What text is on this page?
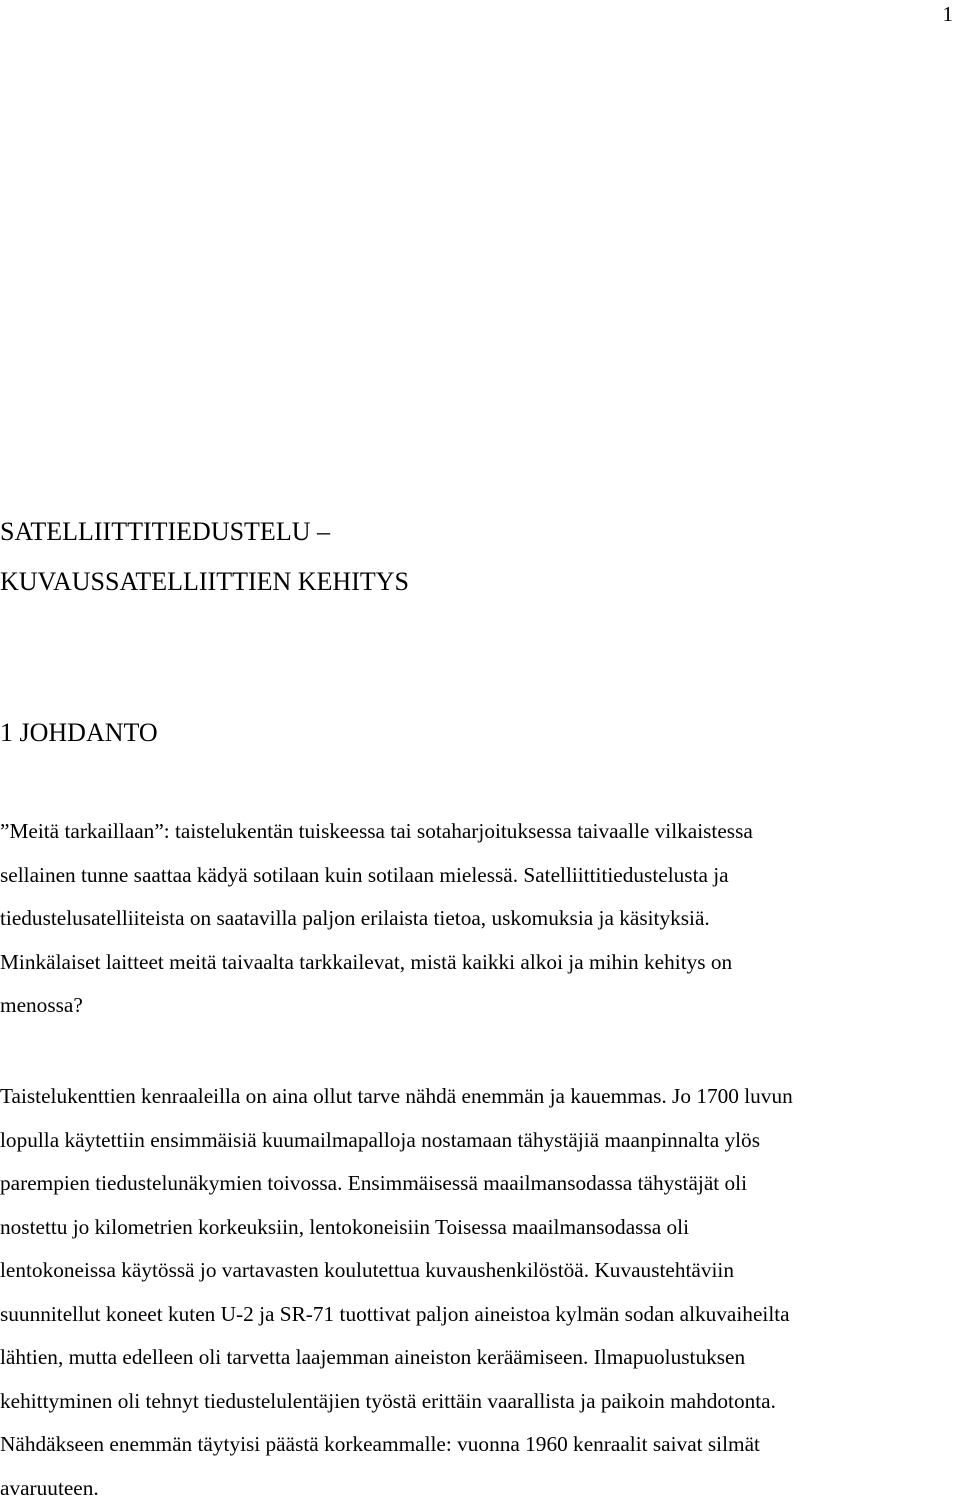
1
SATELLIITTITIEDUSTELU –
KUVAUSSATELLIITTIEN KEHITYS
1 JOHDANTO

”Meitä tarkaillaan”: taistelukentän tuiskeessa tai sotaharjoituksessa taivaalle vilkaistessa
sellainen tunne saattaa kädyä sotilaan kuin sotilaan mielessä. Satelliittitiedustelusta ja
tiedustelusatelliiteista on saatavilla paljon erilaista tietoa, uskomuksia ja käsityksiä.
Minkälaiset laitteet meitä taivaalta tarkkailevat, mistä kaikki alkoi ja mihin kehitys on
menossa?

Taistelukenttien kenraaleilla on aina ollut tarve nähdä enemmän ja kauemmas. Jo 1700 luvun
lopulla käytettiin ensimmäisiä kuumailmapalloja nostamaan tähystäjiä maanpinnalta ylös
parempien tiedustelunäkymien toivossa. Ensimmäisessä maailmansodassa tähystäjät oli
nostettu jo kilometrien korkeuksiin, lentokoneisiin Toisessa maailmansodassa oli
lentokoneissa käytössä jo vartavasten koulutettua kuvaushenkilöstöä. Kuvaustehtäviin
suunnitellut koneet kuten U-2 ja SR-71 tuottivat paljon aineistoa kylmän sodan alkuvaiheilta
lähtien, mutta edelleen oli tarvetta laajemman aineiston keräämiseen. Ilmapuolustuksen
kehittyminen oli tehnyt tiedustelulentäjien työstä erittäin vaarallista ja paikoin mahdotonta.
Nähdäkseen enemmän täytyisi päästä korkeammalle: vuonna 1960 kenraalit saivat silmät
avaruuteen.
